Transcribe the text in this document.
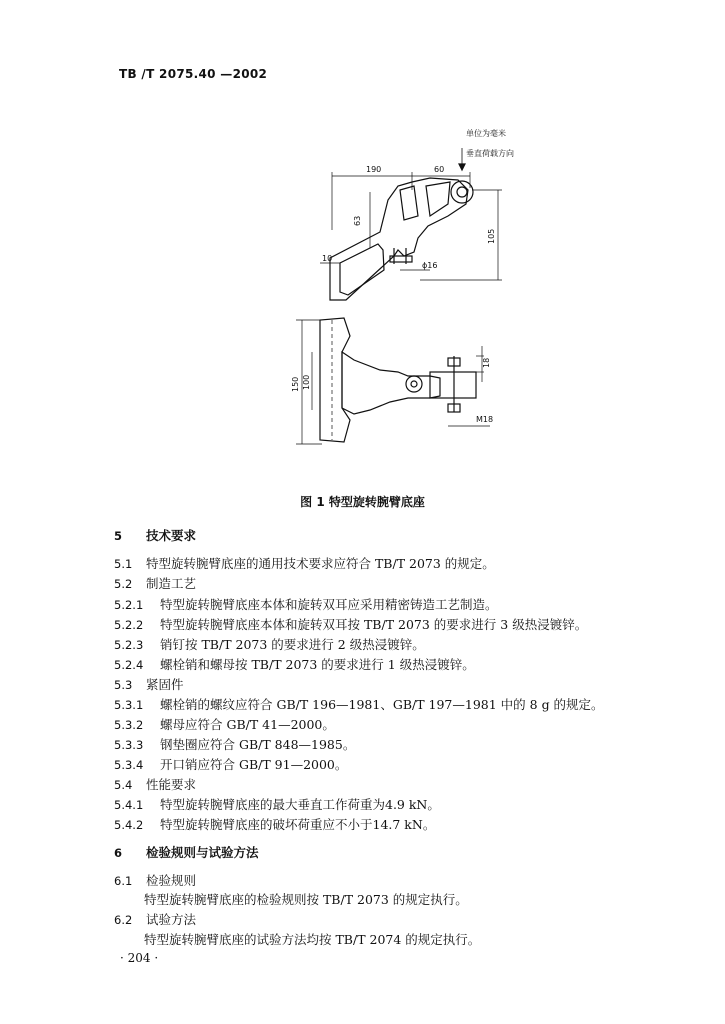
TB /T 2075.40 —2002
单位为毫米
垂直荷载方向
190	60
63
105
10
ϕ16
150 100
18
M18
图 1 特型旋转腕臂底座
5 技术要求
5.1 特型旋转腕臂底座的通用技术要求应符合 TB/T 2073 的规定。
5.2 制造工艺
5.2.1 特型旋转腕臂底座本体和旋转双耳应采用精密铸造工艺制造。
5.2.2 特型旋转腕臂底座本体和旋转双耳按 TB/T 2073 的要求进行 3 级热浸镀锌。
5.2.3 销钉按 TB/T 2073 的要求进行 2 级热浸镀锌。
5.2.4 螺栓销和螺母按 TB/T 2073 的要求进行 1 级热浸镀锌。
5.3 紧固件
5.3.1 螺栓销的螺纹应符合 GB/T 196—1981、GB/T 197—1981 中的 8 g 的规定。
5.3.2 螺母应符合 GB/T 41—2000。
5.3.3 钢垫圈应符合 GB/T 848—1985。
5.3.4 开口销应符合 GB/T 91—2000。
5.4 性能要求
5.4.1 特型旋转腕臂底座的最大垂直工作荷重为4.9 kN。
5.4.2 特型旋转腕臂底座的破坏荷重应不小于14.7 kN。
6 检验规则与试验方法
6.1 检验规则
特型旋转腕臂底座的检验规则按 TB/T 2073 的规定执行。
6.2 试验方法
特型旋转腕臂底座的试验方法均按 TB/T 2074 的规定执行。
· 204 ·
